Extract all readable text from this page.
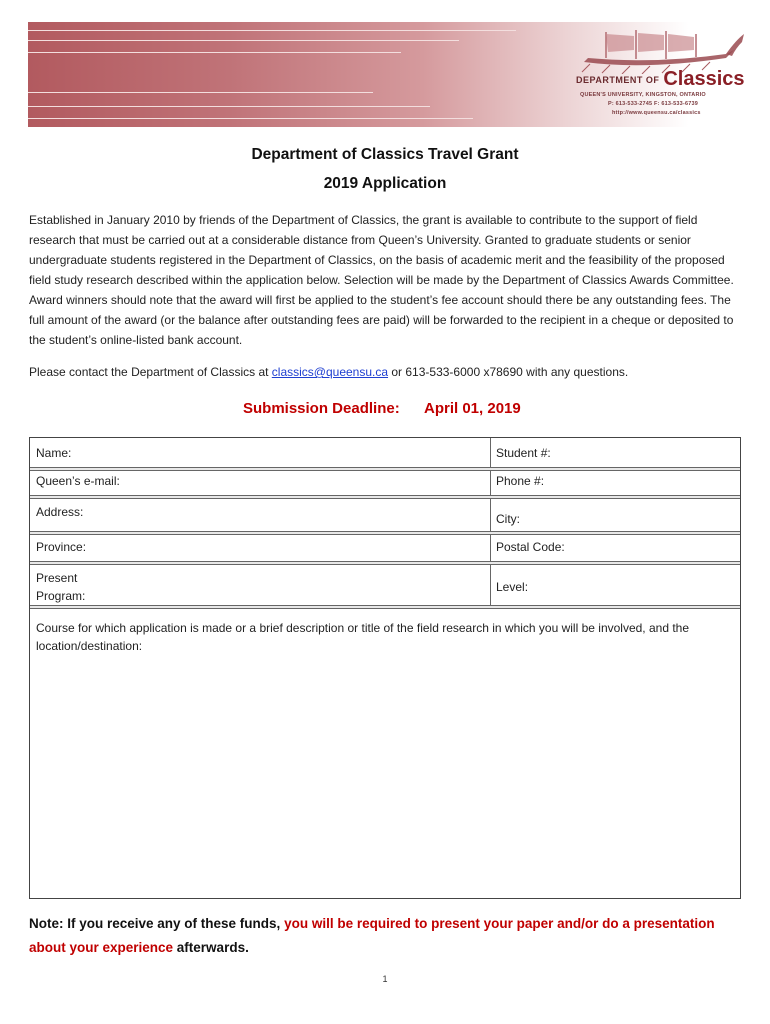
DEPARTMENT OF Classics
QUEEN'S UNIVERSITY, KINGSTON, ONTARIO
P: 613-533-2745 F: 613-533-6739
http://www.queensu.ca/classics
Department of Classics Travel Grant
2019 Application

Established in January 2010 by friends of the Department of Classics, the grant is available to contribute to the support of field research that must be carried out at a considerable distance from Queen’s University. Granted to graduate students or senior undergraduate students registered in the Department of Classics, on the basis of academic merit and the feasibility of the proposed field study research described within the application below. Selection will be made by the Department of Classics Awards Committee. Award winners should note that the award will first be applied to the student’s fee account should there be any outstanding fees. The full amount of the award (or the balance after outstanding fees are paid) will be forwarded to the recipient in a cheque or deposited to the student’s online-listed bank account.

Please contact the Department of Classics at classics@queensu.ca or 613-533-6000 x78690 with any questions.
Submission Deadline: April 01, 2019
Name:	Student #:
Queen’s e-mail:	Phone #:
Address:	City:
Province:	Postal Code:
Present
Program:
Level:
Course for which application is made or a brief description or title of the field research in which you will be involved, and the location/destination:
Note: If you receive any of these funds, you will be required to present your paper and/or do a presentation about your experience afterwards.
1
